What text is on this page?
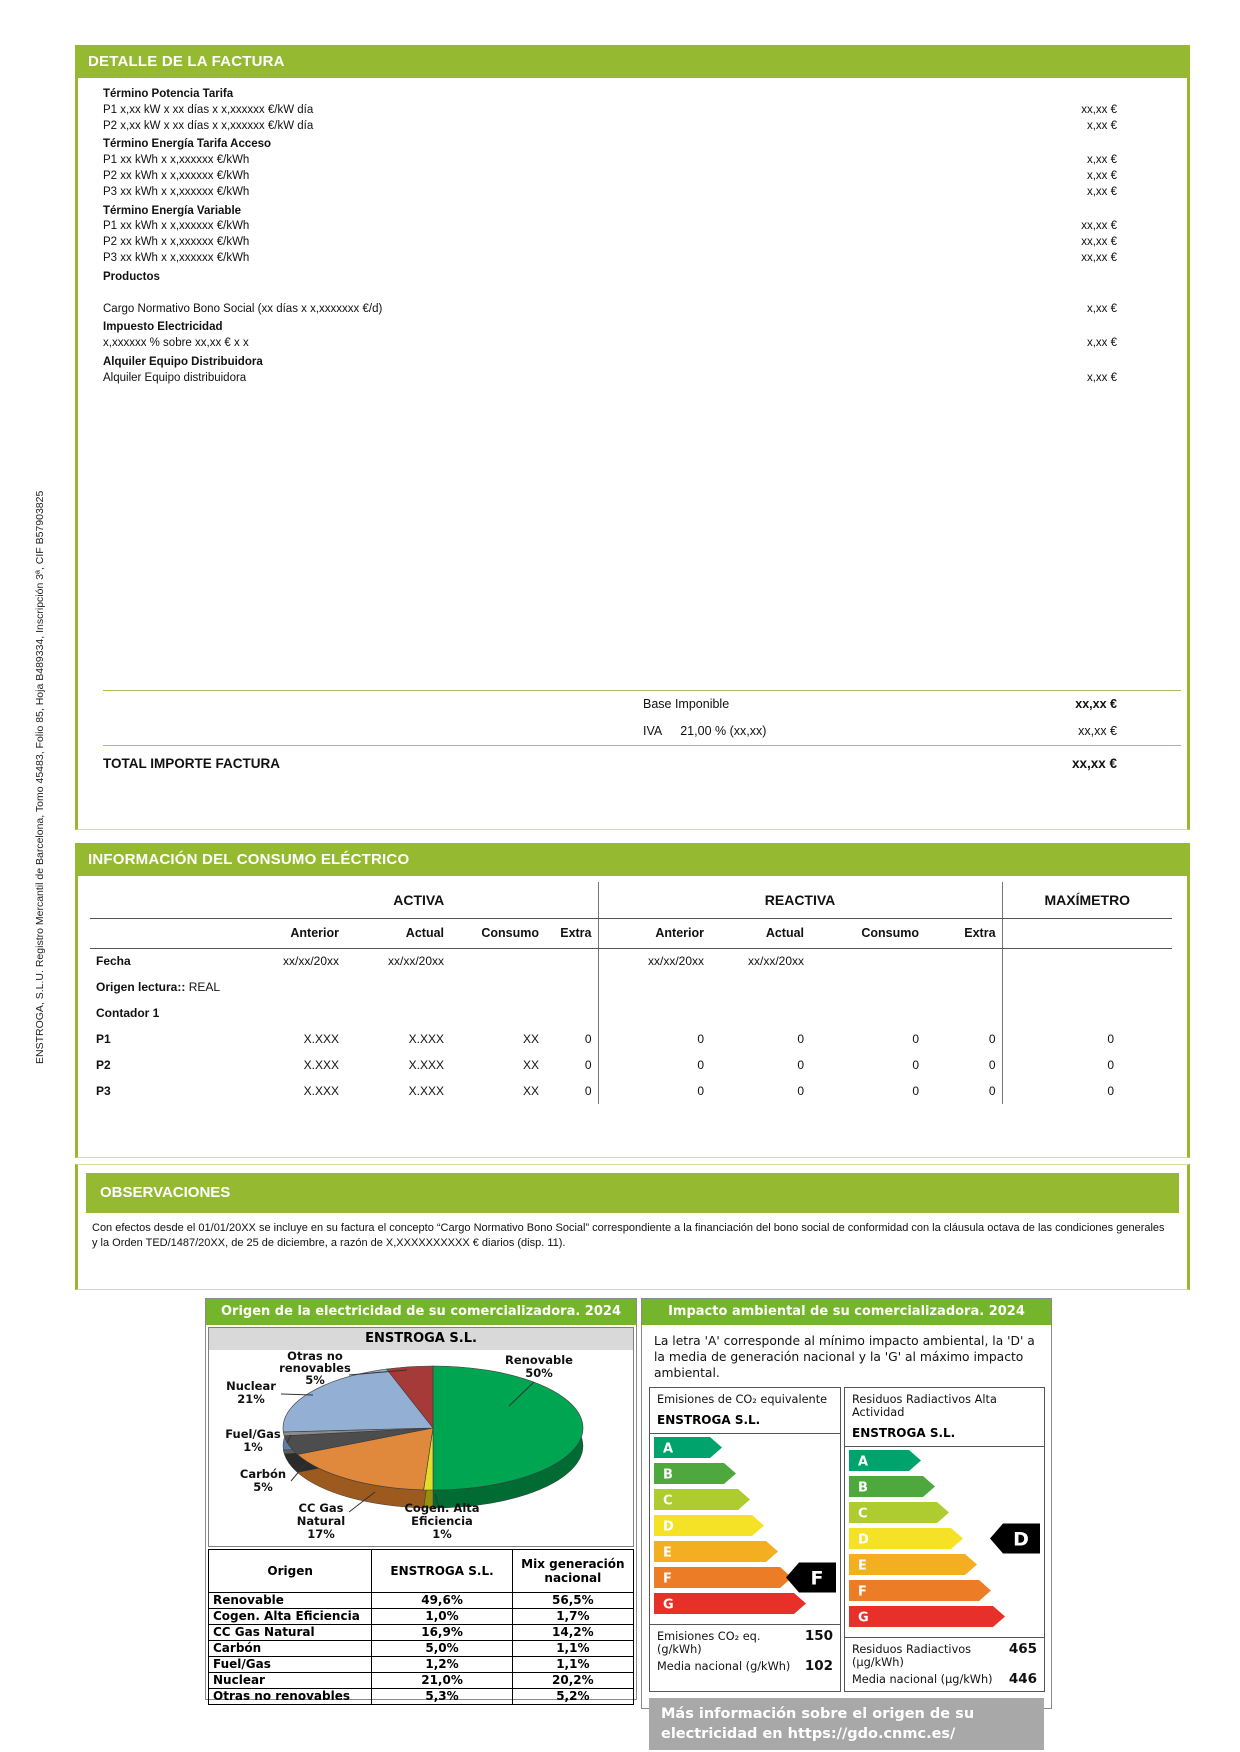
ENSTROGA, S.L.U. Registro Mercantil de Barcelona, Tomo 45483, Folio 85, Hoja B489334, Inscripción 3ª, CIF B57903825
DETALLE DE LA FACTURA
Término Potencia Tarifa
P1 x,xx kW x xx días x x,xxxxxx €/kW día	xx,xx €
P2 x,xx kW x xx días x x,xxxxxx €/kW día	x,xx €
Término Energía Tarifa Acceso
P1 xx kWh x x,xxxxxx €/kWh	x,xx €
P2 xx kWh x x,xxxxxx €/kWh	x,xx €
P3 xx kWh x x,xxxxxx €/kWh	x,xx €
Término Energía Variable
P1 xx kWh x x,xxxxxx €/kWh	xx,xx €
P2 xx kWh x x,xxxxxx €/kWh	xx,xx €
P3 xx kWh x x,xxxxxx €/kWh	xx,xx €
Productos
Cargo Normativo Bono Social (xx días x x,xxxxxxx €/d)	x,xx €
Impuesto Electricidad
x,xxxxxx % sobre xx,xx € x x	x,xx €
Alquiler Equipo Distribuidora
Alquiler Equipo distribuidora	x,xx €
Base Imponible	xx,xx €
IVA 21,00 % (xx,xx)	xx,xx €
TOTAL IMPORTE FACTURA	xx,xx €
INFORMACIÓN DEL CONSUMO ELÉCTRICO
	ACTIVA				REACTIVA				MAXÍMETRO
	Anterior	Actual	Consumo	Extra	Anterior	Actual	Consumo	Extra	
Fecha	xx/xx/20xx	xx/xx/20xx			xx/xx/20xx	xx/xx/20xx			
Origen lectura:: REAL									
Contador 1									
P1	X.XXX	X.XXX	XX	0	0	0	0	0	0
P2	X.XXX	X.XXX	XX	0	0	0	0	0	0
P3	X.XXX	X.XXX	XX	0	0	0	0	0	0
OBSERVACIONES

Con efectos desde el 01/01/20XX se incluye en su factura el concepto “Cargo Normativo Bono Social” correspondiente a la financiación del bono social de conformidad con la cláusula octava de las condiciones generales y la Orden TED/1487/20XX, de 25 de diciembre, a razón de X,XXXXXXXXXX € diarios (disp. 11).

Origen de la electricidad de su comercializadora. 2024
ENSTROGA S.L.
Renovable
50%
Cogen. Alta
Eficiencia
1%
CC Gas
Natural
17%
Carbón
5%
Fuel/Gas
1%
Nuclear
21%
Otras no
renovables
5%
Origen	ENSTROGA S.L.	Mix generación nacional
Renovable	49,6%	56,5%
Cogen. Alta Eficiencia	1,0%	1,7%
CC Gas Natural	16,9%	14,2%
Carbón	5,0%	1,1%
Fuel/Gas	1,2%	1,1%
Nuclear	21,0%	20,2%
Otras no renovables	5,3%	5,2%
Impacto ambiental de su comercializadora. 2024

La letra 'A' corresponde al mínimo impacto ambiental, la 'D' a la media de generación nacional y la 'G' al máximo impacto ambiental.

Emisiones de CO₂ equivalente
ENSTROGA S.L.
A
B
C
D
E
F
G
F
Emisiones CO₂ eq. (g/kWh)
150
Media nacional (g/kWh) 102
Residuos Radiactivos Alta Actividad
ENSTROGA S.L.
A
B
C
D
E
F
G
D
Residuos Radiactivos (µg/kWh)
465
Media nacional (µg/kWh) 446
Más información sobre el origen de su electricidad en https://gdo.cnmc.es/
